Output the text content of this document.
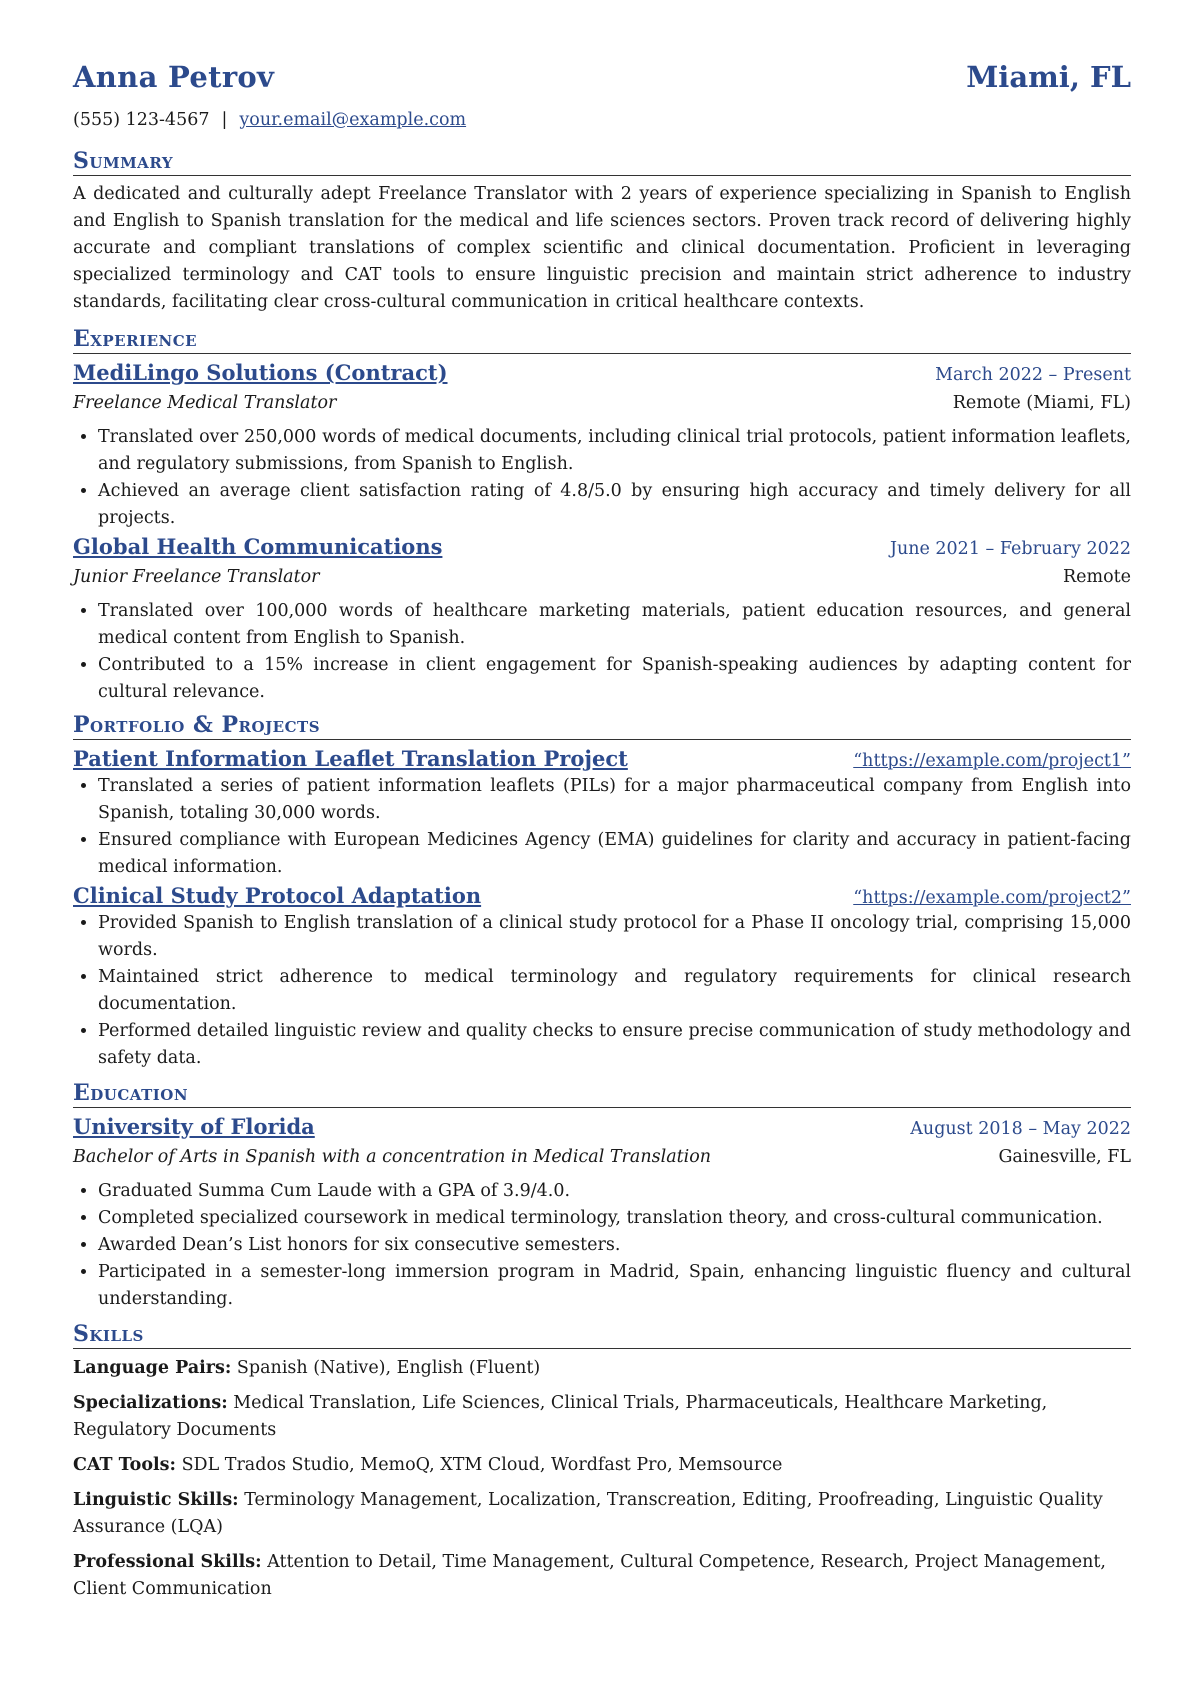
Anna Petrov	Miami, FL
(555) 123-4567 | your.email@example.com
Summary
A dedicated and culturally adept Freelance Translator with 2 years of experience specializing in Spanish to English and English to Spanish translation for the medical and life sciences sectors. Proven track record of delivering highly accurate and compliant translations of complex scientific and clinical documentation. Proficient in leveraging specialized terminology and CAT tools to ensure linguistic precision and maintain strict adherence to industry standards, facilitating clear cross-cultural communication in critical healthcare contexts.
Experience
MediLingo Solutions (Contract)	March 2022 – Present
Freelance Medical Translator	Remote (Miami, FL)
• Translated over 250,000 words of medical documents, including clinical trial protocols, patient information leaflets, and regulatory submissions, from Spanish to English.
• Achieved an average client satisfaction rating of 4.8/5.0 by ensuring high accuracy and timely delivery for all projects.
Global Health Communications	June 2021 – February 2022
Junior Freelance Translator	Remote
• Translated over 100,000 words of healthcare marketing materials, patient education resources, and general medical content from English to Spanish.
• Contributed to a 15% increase in client engagement for Spanish-speaking audiences by adapting content for cultural relevance.
Portfolio & Projects
Patient Information Leaflet Translation Project	“https://example.com/project1”
• Translated a series of patient information leaflets (PILs) for a major pharmaceutical company from English into Spanish, totaling 30,000 words.
• Ensured compliance with European Medicines Agency (EMA) guidelines for clarity and accuracy in patient-facing medical information.
Clinical Study Protocol Adaptation	“https://example.com/project2”
• Provided Spanish to English translation of a clinical study protocol for a Phase II oncology trial, comprising 15,000 words.
• Maintained strict adherence to medical terminology and regulatory requirements for clinical research documentation.
• Performed detailed linguistic review and quality checks to ensure precise communication of study methodology and safety data.
Education
University of Florida	August 2018 – May 2022
Bachelor of Arts in Spanish with a concentration in Medical Translation	Gainesville, FL
• Graduated Summa Cum Laude with a GPA of 3.9/4.0.
• Completed specialized coursework in medical terminology, translation theory, and cross-cultural communication.
• Awarded Dean’s List honors for six consecutive semesters.
• Participated in a semester-long immersion program in Madrid, Spain, enhancing linguistic fluency and cultural understanding.
Skills
Language Pairs: Spanish (Native), English (Fluent)
Specializations: Medical Translation, Life Sciences, Clinical Trials, Pharmaceuticals, Healthcare Marketing, Regulatory Documents
CAT Tools: SDL Trados Studio, MemoQ, XTM Cloud, Wordfast Pro, Memsource
Linguistic Skills: Terminology Management, Localization, Transcreation, Editing, Proofreading, Linguistic Quality Assurance (LQA)
Professional Skills: Attention to Detail, Time Management, Cultural Competence, Research, Project Management, Client Communication
